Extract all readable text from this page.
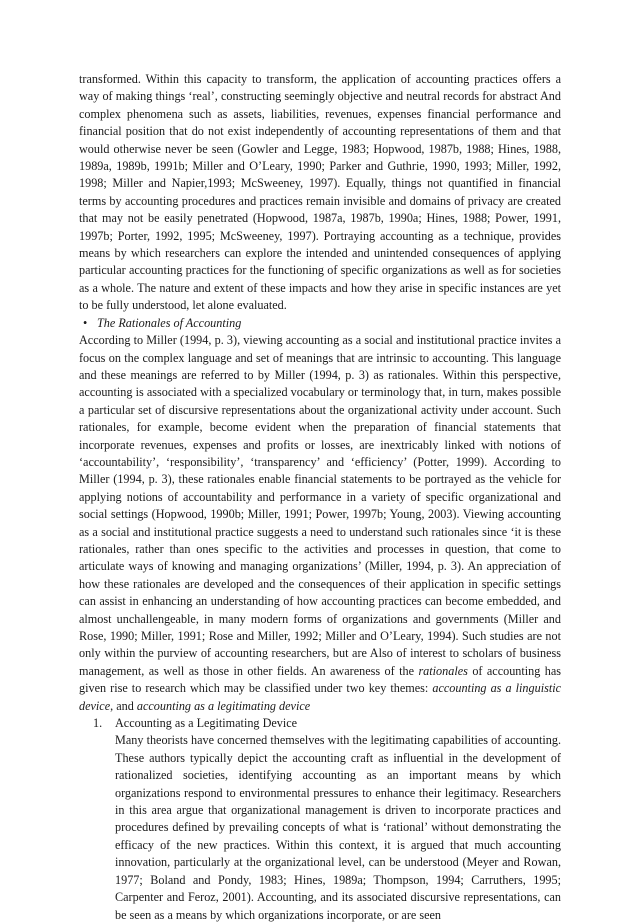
transformed. Within this capacity to transform, the application of accounting practices offers a way of making things ‘real’, constructing seemingly objective and neutral records for abstract And complex phenomena such as assets, liabilities, revenues, expenses financial performance and financial position that do not exist independently of accounting representations of them and that would otherwise never be seen (Gowler and Legge, 1983; Hopwood, 1987b, 1988; Hines, 1988, 1989a, 1989b, 1991b; Miller and O’Leary, 1990; Parker and Guthrie, 1990, 1993; Miller, 1992, 1998; Miller and Napier,1993; McSweeney, 1997). Equally, things not quantified in financial terms by accounting procedures and practices remain invisible and domains of privacy are created that may not be easily penetrated (Hopwood, 1987a, 1987b, 1990a; Hines, 1988; Power, 1991, 1997b; Porter, 1992, 1995; McSweeney, 1997). Portraying accounting as a technique, provides means by which researchers can explore the intended and unintended consequences of applying particular accounting practices for the functioning of specific organizations as well as for societies as a whole. The nature and extent of these impacts and how they arise in specific instances are yet to be fully understood, let alone evaluated.

• The Rationales of Accounting

According to Miller (1994, p. 3), viewing accounting as a social and institutional practice invites a focus on the complex language and set of meanings that are intrinsic to accounting. This language and these meanings are referred to by Miller (1994, p. 3) as rationales. Within this perspective, accounting is associated with a specialized vocabulary or terminology that, in turn, makes possible a particular set of discursive representations about the organizational activity under account. Such rationales, for example, become evident when the preparation of financial statements that incorporate revenues, expenses and profits or losses, are inextricably linked with notions of ‘accountability’, ‘responsibility’, ‘transparency’ and ‘efficiency’ (Potter, 1999). According to Miller (1994, p. 3), these rationales enable financial statements to be portrayed as the vehicle for applying notions of accountability and performance in a variety of specific organizational and social settings (Hopwood, 1990b; Miller, 1991; Power, 1997b; Young, 2003). Viewing accounting as a social and institutional practice suggests a need to understand such rationales since ‘it is these rationales, rather than ones specific to the activities and processes in question, that come to articulate ways of knowing and managing organizations’ (Miller, 1994, p. 3). An appreciation of how these rationales are developed and the consequences of their application in specific settings can assist in enhancing an understanding of how accounting practices can become embedded, and almost unchallengeable, in many modern forms of organizations and governments (Miller and Rose, 1990; Miller, 1991; Rose and Miller, 1992; Miller and O’Leary, 1994). Such studies are not only within the purview of accounting researchers, but are Also of interest to scholars of business management, as well as those in other fields. An awareness of the rationales of accounting has given rise to research which may be classified under two key themes: accounting as a linguistic device, and accounting as a legitimating device

1.	Accounting as a Legitimating Device

Many theorists have concerned themselves with the legitimating capabilities of accounting. These authors typically depict the accounting craft as influential in the development of rationalized societies, identifying accounting as an important means by which organizations respond to environmental pressures to enhance their legitimacy. Researchers in this area argue that organizational management is driven to incorporate practices and procedures defined by prevailing concepts of what is ‘rational’ without demonstrating the efficacy of the new practices. Within this context, it is argued that much accounting innovation, particularly at the organizational level, can be understood (Meyer and Rowan, 1977; Boland and Pondy, 1983; Hines, 1989a; Thompson, 1994; Carruthers, 1995; Carpenter and Feroz, 2001). Accounting, and its associated discursive representations, can be seen as a means by which organizations incorporate, or are seen
